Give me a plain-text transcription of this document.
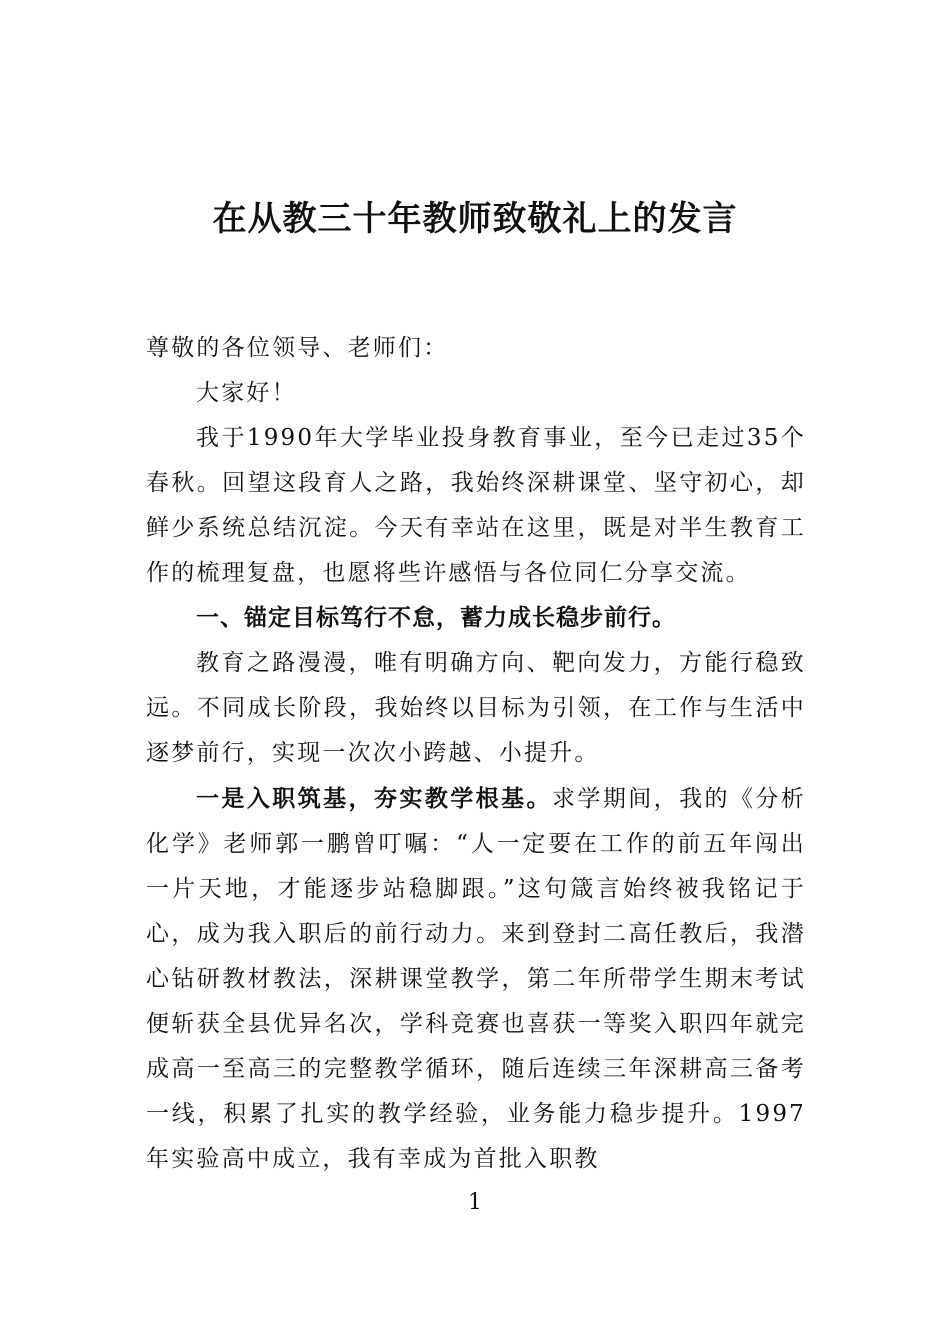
在从教三十年教师致敬礼上的发言

尊敬的各位领导、老师们：

大家好！

我于1990年大学毕业投身教育事业，至今已走过35个春秋。回望这段育人之路，我始终深耕课堂、坚守初心，却鲜少系统总结沉淀。今天有幸站在这里，既是对半生教育工作的梳理复盘，也愿将些许感悟与各位同仁分享交流。

一、锚定目标笃行不怠，蓄力成长稳步前行。

教育之路漫漫，唯有明确方向、靶向发力，方能行稳致远。不同成长阶段，我始终以目标为引领，在工作与生活中逐梦前行，实现一次次小跨越、小提升。

一是入职筑基，夯实教学根基。求学期间，我的《分析化学》老师郭一鹏曾叮嘱：“人一定要在工作的前五年闯出一片天地，才能逐步站稳脚跟。”这句箴言始终被我铭记于心，成为我入职后的前行动力。来到登封二高任教后，我潜心钻研教材教法，深耕课堂教学，第二年所带学生期末考试便斩获全县优异名次，学科竞赛也喜获一等奖入职四年就完成高一至高三的完整教学循环，随后连续三年深耕高三备考一线，积累了扎实的教学经验，业务能力稳步提升。1997年实验高中成立，我有幸成为首批入职教

1
